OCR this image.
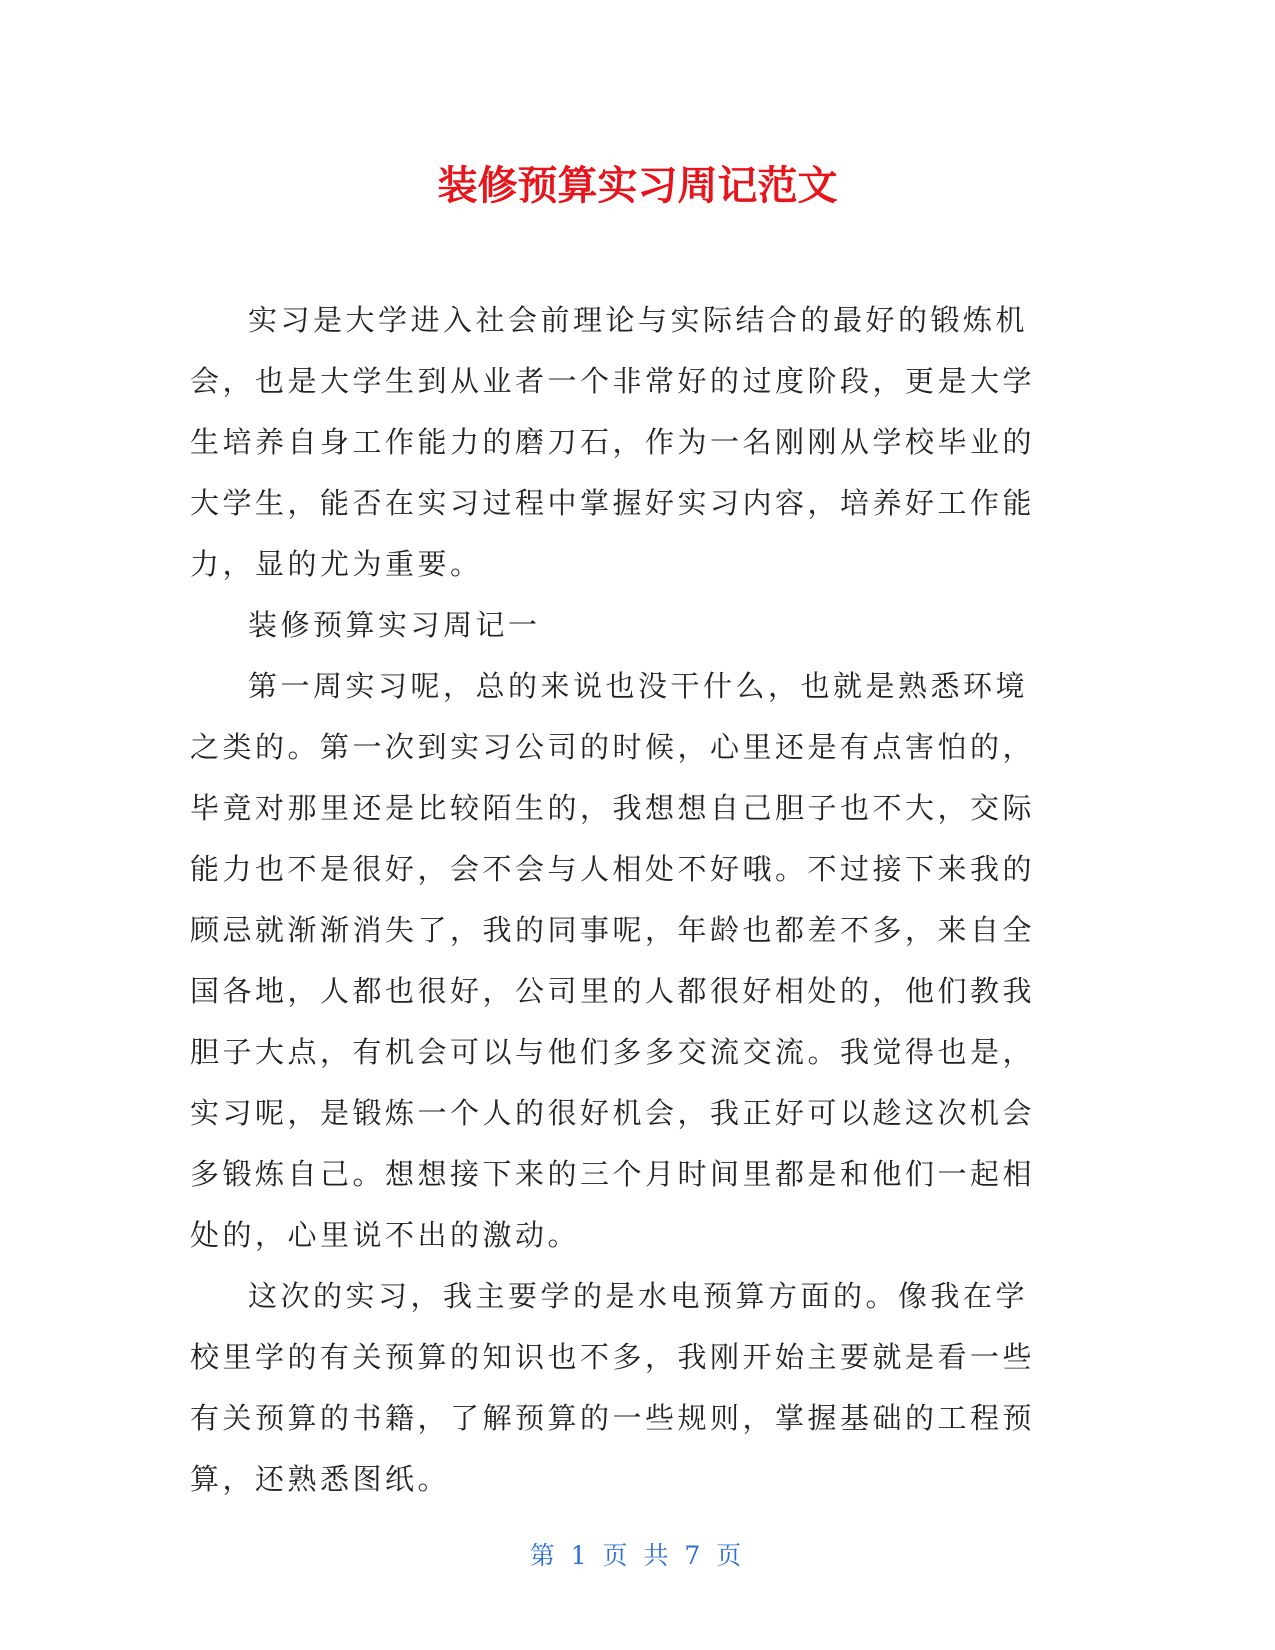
装修预算实习周记范文

实习是大学进入社会前理论与实际结合的最好的锻炼机会，也是大学生到从业者一个非常好的过度阶段，更是大学生培养自身工作能力的磨刀石，作为一名刚刚从学校毕业的大学生，能否在实习过程中掌握好实习内容，培养好工作能力，显的尤为重要。

装修预算实习周记一

第一周实习呢，总的来说也没干什么，也就是熟悉环境之类的。第一次到实习公司的时候，心里还是有点害怕的，毕竟对那里还是比较陌生的，我想想自己胆子也不大，交际能力也不是很好，会不会与人相处不好哦。不过接下来我的顾忌就渐渐消失了，我的同事呢，年龄也都差不多，来自全国各地，人都也很好，公司里的人都很好相处的，他们教我胆子大点，有机会可以与他们多多交流交流。我觉得也是，实习呢，是锻炼一个人的很好机会，我正好可以趁这次机会多锻炼自己。想想接下来的三个月时间里都是和他们一起相处的，心里说不出的激动。

这次的实习，我主要学的是水电预算方面的。像我在学校里学的有关预算的知识也不多，我刚开始主要就是看一些有关预算的书籍，了解预算的一些规则，掌握基础的工程预算，还熟悉图纸。

第 1 页 共 7 页
